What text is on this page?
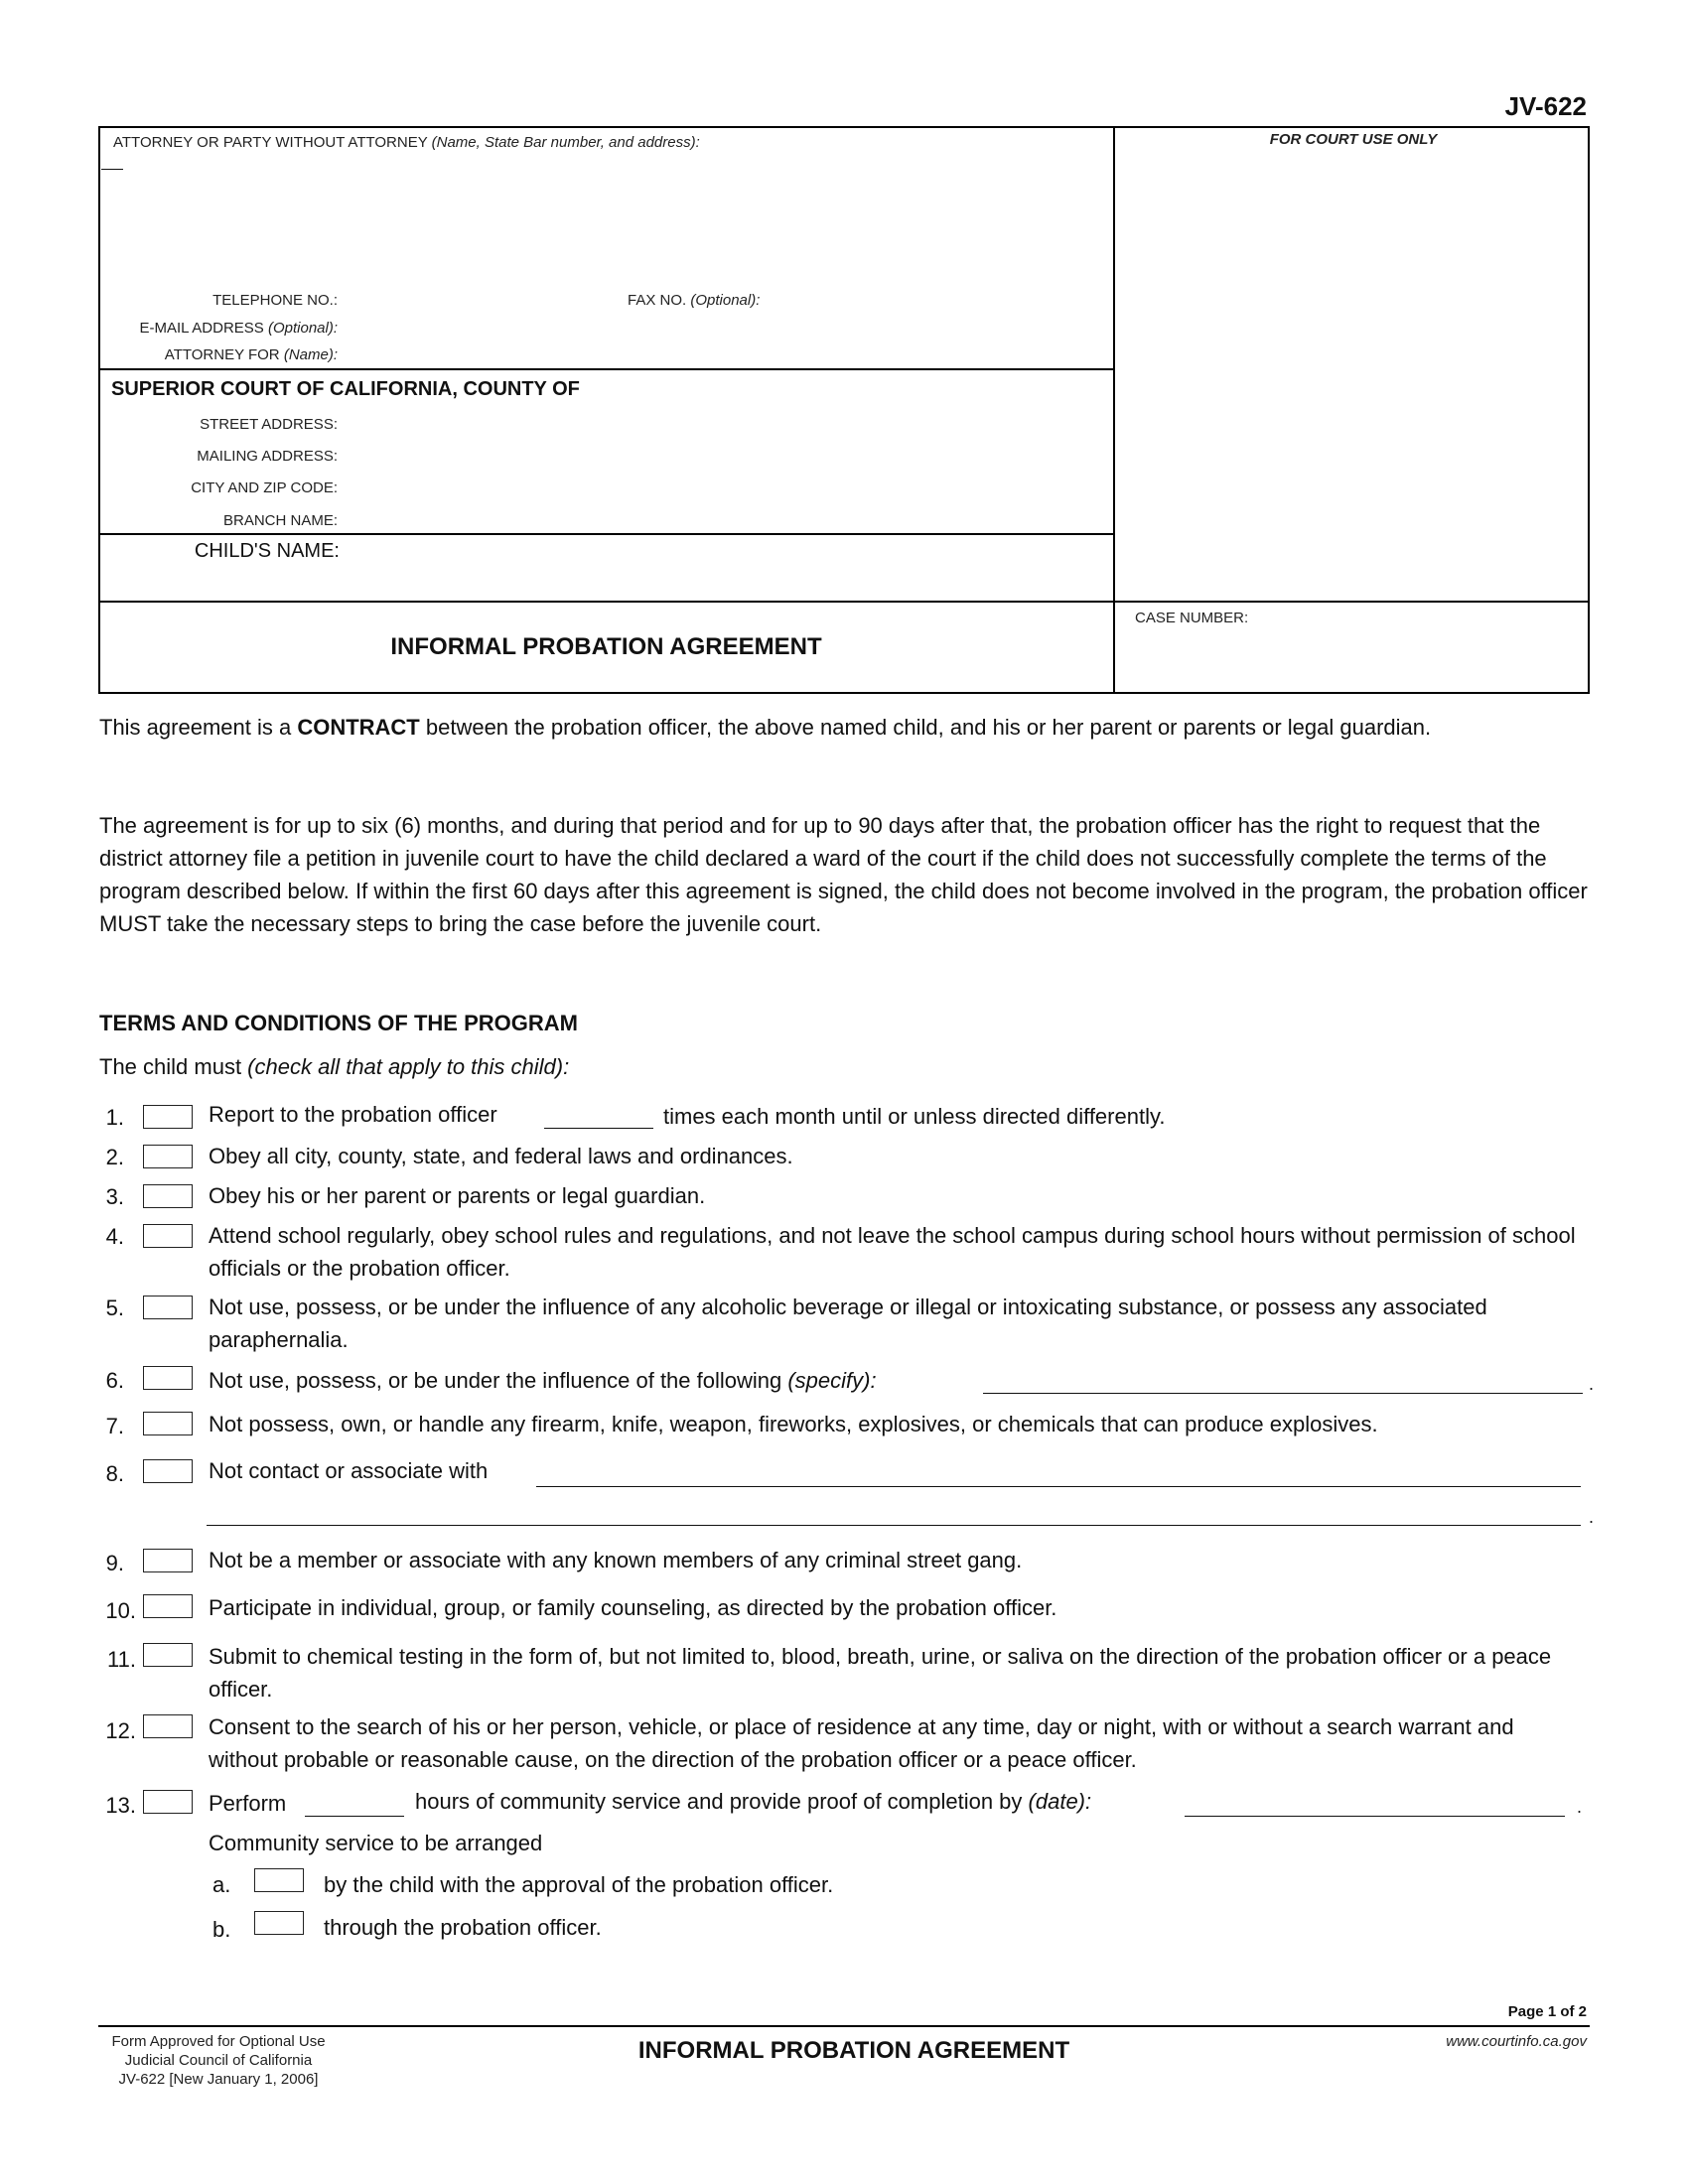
JV-622
ATTORNEY OR PARTY WITHOUT ATTORNEY (Name, State Bar number, and address):
TELEPHONE NO.:	FAX NO. (Optional):
E-MAIL ADDRESS (Optional):
ATTORNEY FOR (Name):
FOR COURT USE ONLY
SUPERIOR COURT OF CALIFORNIA, COUNTY OF
STREET ADDRESS:
MAILING ADDRESS:
CITY AND ZIP CODE:
BRANCH NAME:
CHILD'S NAME:
INFORMAL PROBATION AGREEMENT
CASE NUMBER:
This agreement is a CONTRACT between the probation officer, the above named child, and his or her parent or parents or legal guardian.
The agreement is for up to six (6) months, and during that period and for up to 90 days after that, the probation officer has the right to request that the district attorney file a petition in juvenile court to have the child declared a ward of the court if the child does not successfully complete the terms of the program described below. If within the first 60 days after this agreement is signed, the child does not become involved in the program, the probation officer MUST take the necessary steps to bring the case before the juvenile court.
TERMS AND CONDITIONS OF THE PROGRAM
The child must (check all that apply to this child):
1.	Report to the probation officer	times each month until or unless directed differently.
2.	Obey all city, county, state, and federal laws and ordinances.
3.	Obey his or her parent or parents or legal guardian.
4.	Attend school regularly, obey school rules and regulations, and not leave the school campus during school hours without permission of school officials or the probation officer.
5.	Not use, possess, or be under the influence of any alcoholic beverage or illegal or intoxicating substance, or possess any associated paraphernalia.
6.	Not use, possess, or be under the influence of the following (specify):	.
7.	Not possess, own, or handle any firearm, knife, weapon, fireworks, explosives, or chemicals that can produce explosives.
8.	Not contact or associate with
.
9.	Not be a member or associate with any known members of any criminal street gang.
10.	Participate in individual, group, or family counseling, as directed by the probation officer.
11.	Submit to chemical testing in the form of, but not limited to, blood, breath, urine, or saliva on the direction of the probation officer or a peace officer.
12.	Consent to the search of his or her person, vehicle, or place of residence at any time, day or night, with or without a search warrant and without probable or reasonable cause, on the direction of the probation officer or a peace officer.
13.	Perform	hours of community service and provide proof of completion by (date):	.
Community service to be arranged
a.	by the child with the approval of the probation officer.
b.	through the probation officer.
Page 1 of 2
Form Approved for Optional Use
Judicial Council of California
JV-622 [New January 1, 2006]
INFORMAL PROBATION AGREEMENT	www.courtinfo.ca.gov
